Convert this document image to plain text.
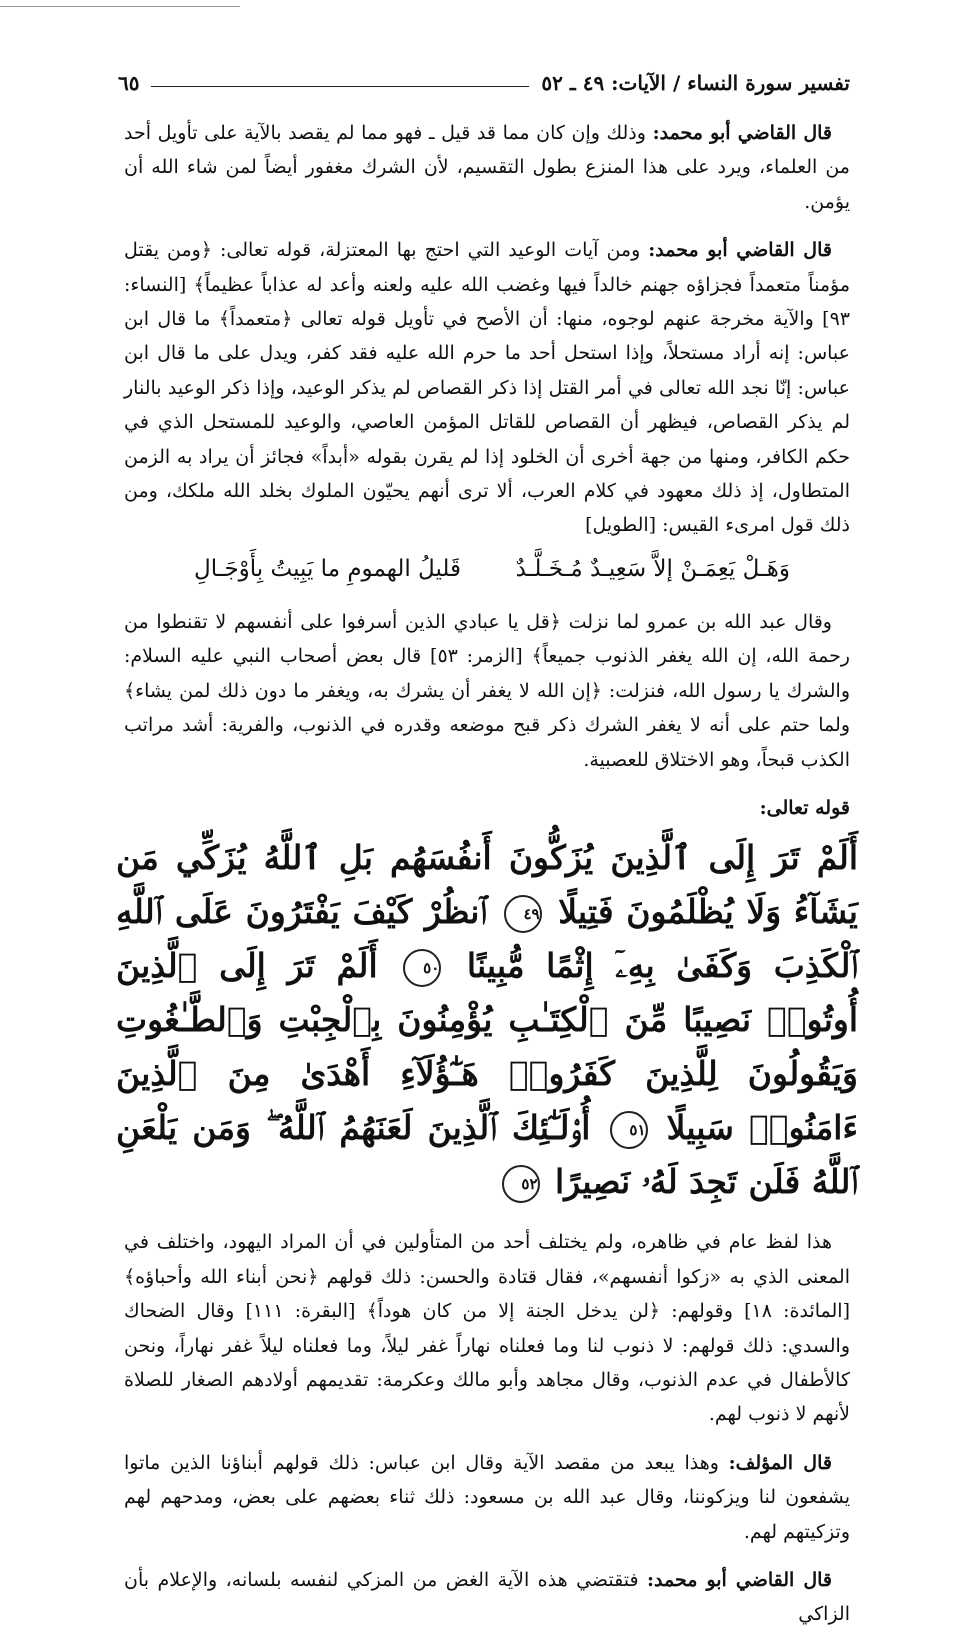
تفسير سورة النساء / الآيات: ٤٩ ـ ٥٢
٦٥

قال القاضي أبو محمد: وذلك وإن كان مما قد قيل ـ فهو مما لم يقصد بالآية على تأويل أحد من العلماء، ويرد على هذا المنزع بطول التقسيم، لأن الشرك مغفور أيضاً لمن شاء الله أن يؤمن.

قال القاضي أبو محمد: ومن آيات الوعيد التي احتج بها المعتزلة، قوله تعالى: ﴿ومن يقتل مؤمناً متعمداً فجزاؤه جهنم خالداً فيها وغضب الله عليه ولعنه وأعد له عذاباً عظيماً﴾ [النساء: ٩٣] والآية مخرجة عنهم لوجوه، منها: أن الأصح في تأويل قوله تعالى ﴿متعمداً﴾ ما قال ابن عباس: إنه أراد مستحلاً، وإذا استحل أحد ما حرم الله عليه فقد كفر، ويدل على ما قال ابن عباس: إنّا نجد الله تعالى في أمر القتل إذا ذكر القصاص لم يذكر الوعيد، وإذا ذكر الوعيد بالنار لم يذكر القصاص، فيظهر أن القصاص للقاتل المؤمن العاصي، والوعيد للمستحل الذي في حكم الكافر، ومنها من جهة أخرى أن الخلود إذا لم يقرن بقوله «أبداً» فجائز أن يراد به الزمن المتطاول، إذ ذلك معهود في كلام العرب، ألا ترى أنهم يحيّون الملوك بخلد الله ملكك، ومن ذلك قول امرىء القيس: [الطويل]

وَهَـلْ يَعِمَـنْ إلاَّ سَعِيـدٌ مُـخَـلَّـدٌ
قَليلُ الهمومِ ما يَبِيتُ بِأَوْجَـالِ

وقال عبد الله بن عمرو لما نزلت ﴿قل يا عبادي الذين أسرفوا على أنفسهم لا تقنطوا من رحمة الله، إن الله يغفر الذنوب جميعاً﴾ [الزمر: ٥٣] قال بعض أصحاب النبي عليه السلام: والشرك يا رسول الله، فنزلت: ﴿إن الله لا يغفر أن يشرك به، ويغفر ما دون ذلك لمن يشاء﴾ ولما حتم على أنه لا يغفر الشرك ذكر قبح موضعه وقدره في الذنوب، والفرية: أشد مراتب الكذب قبحاً، وهو الاختلاق للعصبية.

قوله تعالى:
أَلَمْ تَرَ إِلَى ٱلَّذِينَ يُزَكُّونَ أَنفُسَهُم بَلِ ٱللَّهُ يُزَكِّي مَن يَشَآءُ وَلَا يُظْلَمُونَ فَتِيلًا ٤٩ ٱنظُرْ كَيْفَ يَفْتَرُونَ عَلَى ٱللَّهِ ٱلْكَذِبَ وَكَفَىٰ بِهِۦٓ إِثْمًا مُّبِينًا ٥٠ أَلَمْ تَرَ إِلَى ٱلَّذِينَ أُوتُوا۟ نَصِيبًا مِّنَ ٱلْكِتَـٰبِ يُؤْمِنُونَ بِٱلْجِبْتِ وَٱلطَّـٰغُوتِ وَيَقُولُونَ لِلَّذِينَ كَفَرُوا۟ هَـٰٓؤُلَآءِ أَهْدَىٰ مِنَ ٱلَّذِينَ ءَامَنُوا۟ سَبِيلًا ٥١ أُو۟لَـٰٓئِكَ ٱلَّذِينَ لَعَنَهُمُ ٱللَّهُ ۖ وَمَن يَلْعَنِ ٱللَّهُ فَلَن تَجِدَ لَهُۥ نَصِيرًا ٥٢

هذا لفظ عام في ظاهره، ولم يختلف أحد من المتأولين في أن المراد اليهود، واختلف في المعنى الذي به «زكوا أنفسهم»، فقال قتادة والحسن: ذلك قولهم ﴿نحن أبناء الله وأحباؤه﴾ [المائدة: ١٨] وقولهم: ﴿لن يدخل الجنة إلا من كان هوداً﴾ [البقرة: ١١١] وقال الضحاك والسدي: ذلك قولهم: لا ذنوب لنا وما فعلناه نهاراً غفر ليلاً، وما فعلناه ليلاً غفر نهاراً، ونحن كالأطفال في عدم الذنوب، وقال مجاهد وأبو مالك وعكرمة: تقديمهم أولادهم الصغار للصلاة لأنهم لا ذنوب لهم.

قال المؤلف: وهذا يبعد من مقصد الآية وقال ابن عباس: ذلك قولهم أبناؤنا الذين ماتوا يشفعون لنا ويزكوننا، وقال عبد الله بن مسعود: ذلك ثناء بعضهم على بعض، ومدحهم لهم وتزكيتهم لهم.

قال القاضي أبو محمد: فتقتضي هذه الآية الغض من المزكي لنفسه بلسانه، والإعلام بأن الزاكي
